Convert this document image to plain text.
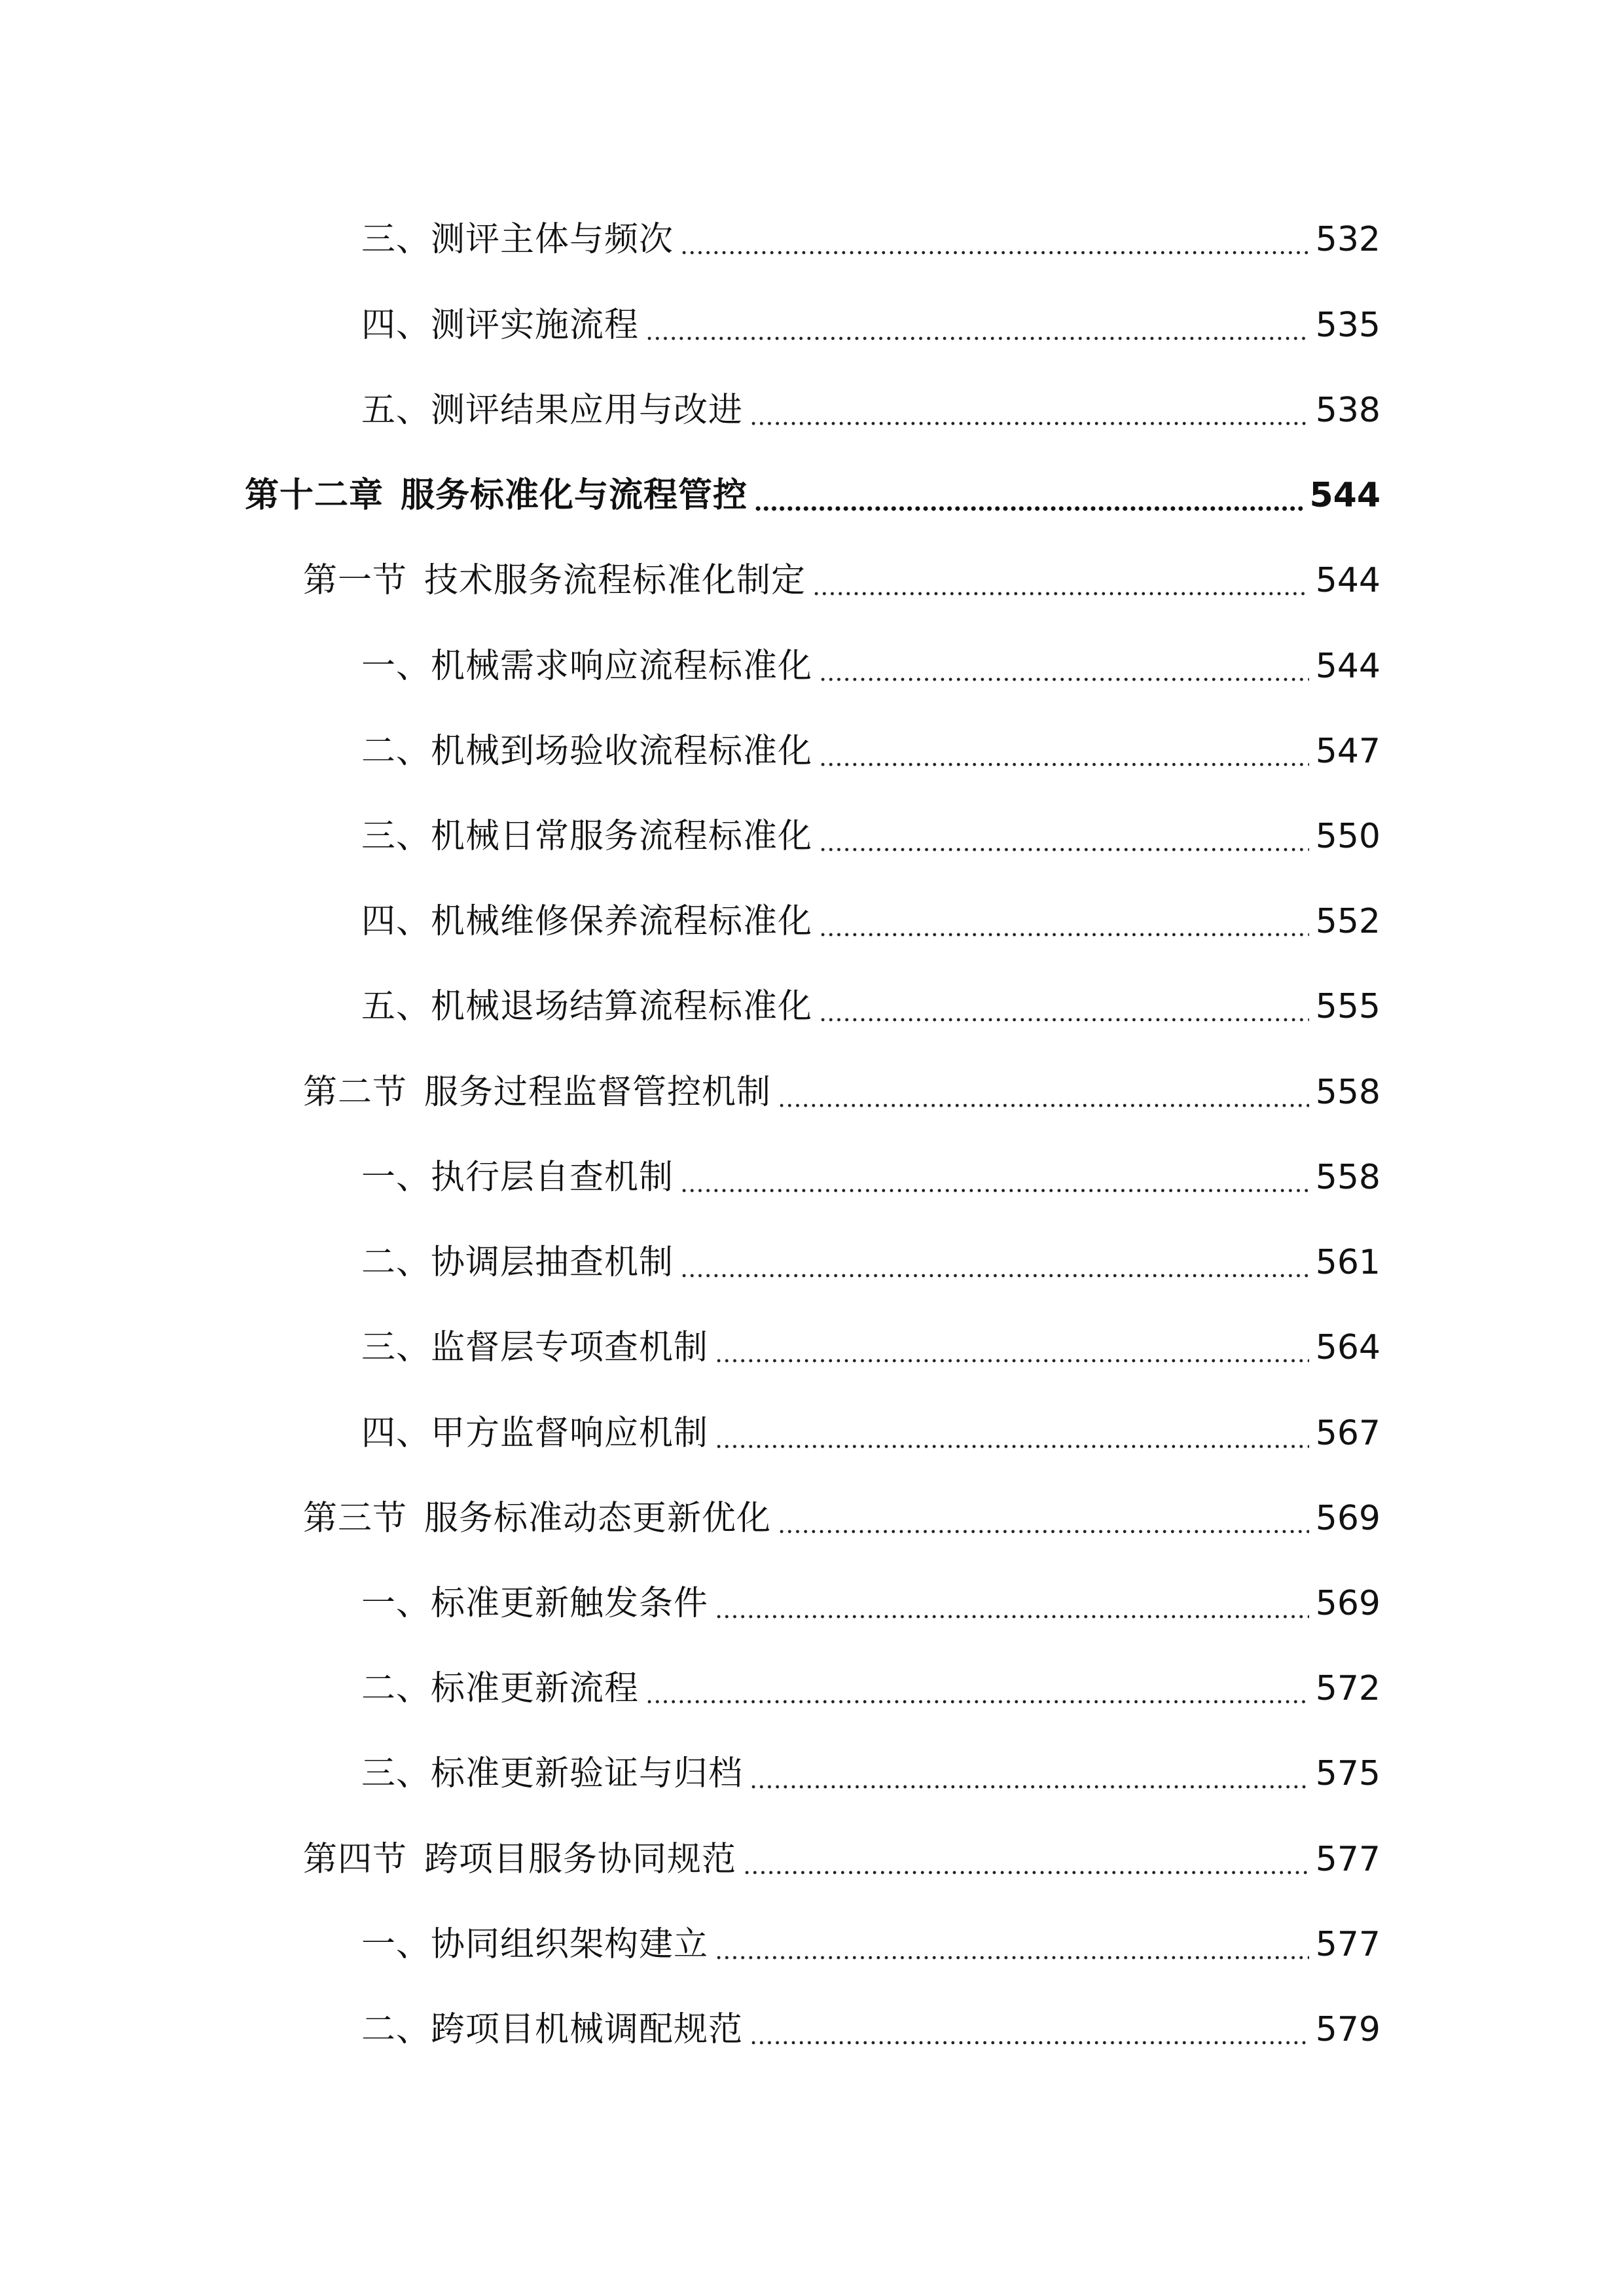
三、测评主体与频次	532
四、测评实施流程	535
五、测评结果应用与改进	538
第十二章 服务标准化与流程管控	544
第一节 技术服务流程标准化制定	544
一、机械需求响应流程标准化	544
二、机械到场验收流程标准化	547
三、机械日常服务流程标准化	550
四、机械维修保养流程标准化	552
五、机械退场结算流程标准化	555
第二节 服务过程监督管控机制	558
一、执行层自查机制	558
二、协调层抽查机制	561
三、监督层专项查机制	564
四、甲方监督响应机制	567
第三节 服务标准动态更新优化	569
一、标准更新触发条件	569
二、标准更新流程	572
三、标准更新验证与归档	575
第四节 跨项目服务协同规范	577
一、协同组织架构建立	577
二、跨项目机械调配规范	579
